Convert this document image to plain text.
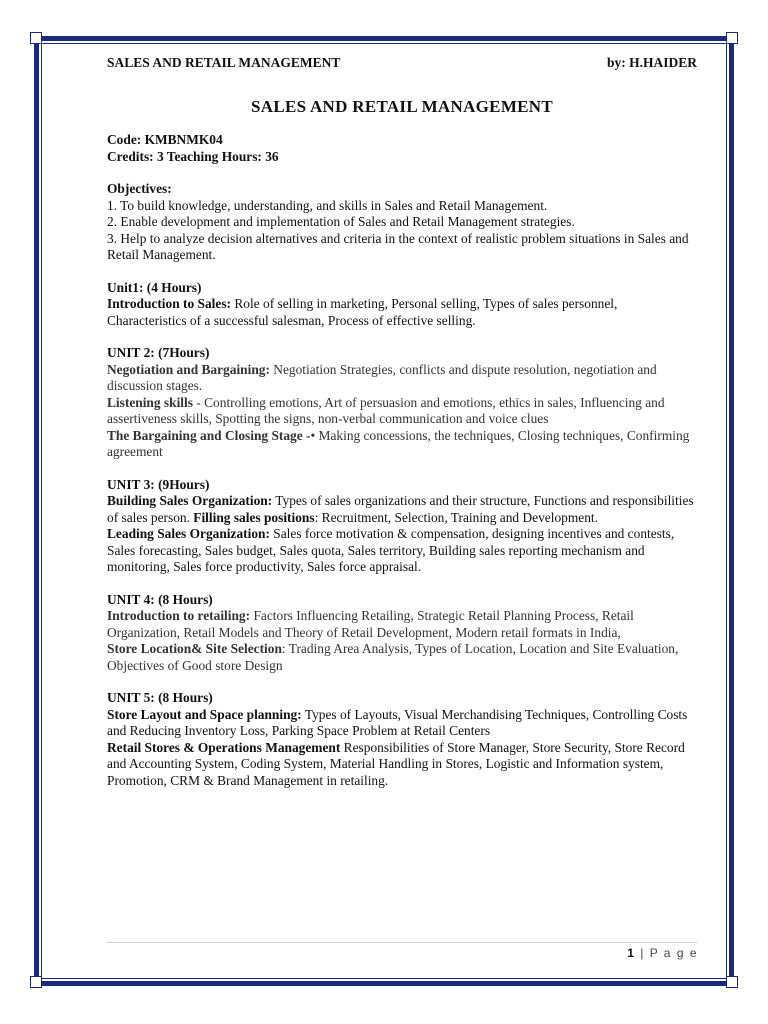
SALES AND RETAIL MANAGEMENT	by: H.HAIDER
SALES AND RETAIL MANAGEMENT

Code: KMBNMK04

Credits: 3 Teaching Hours: 36

Objectives:

1. To build knowledge, understanding, and skills in Sales and Retail Management.

2. Enable development and implementation of Sales and Retail Management strategies.

3. Help to analyze decision alternatives and criteria in the context of realistic problem situations in Sales and Retail Management.

Unit1: (4 Hours)

Introduction to Sales: Role of selling in marketing, Personal selling, Types of sales personnel, Characteristics of a successful salesman, Process of effective selling.

UNIT 2: (7Hours)

Negotiation and Bargaining: Negotiation Strategies, conflicts and dispute resolution, negotiation and discussion stages.

Listening skills - Controlling emotions, Art of persuasion and emotions, ethics in sales, Influencing and assertiveness skills, Spotting the signs, non-verbal communication and voice clues

The Bargaining and Closing Stage -• Making concessions, the techniques, Closing techniques, Confirming agreement

UNIT 3: (9Hours)

Building Sales Organization: Types of sales organizations and their structure, Functions and responsibilities of sales person. Filling sales positions: Recruitment, Selection, Training and Development.

Leading Sales Organization: Sales force motivation & compensation, designing incentives and contests, Sales forecasting, Sales budget, Sales quota, Sales territory, Building sales reporting mechanism and monitoring, Sales force productivity, Sales force appraisal.

UNIT 4: (8 Hours)

Introduction to retailing: Factors Influencing Retailing, Strategic Retail Planning Process, Retail Organization, Retail Models and Theory of Retail Development, Modern retail formats in India,

Store Location& Site Selection: Trading Area Analysis, Types of Location, Location and Site Evaluation, Objectives of Good store Design

UNIT 5: (8 Hours)

Store Layout and Space planning: Types of Layouts, Visual Merchandising Techniques, Controlling Costs and Reducing Inventory Loss, Parking Space Problem at Retail Centers

Retail Stores & Operations Management Responsibilities of Store Manager, Store Security, Store Record and Accounting System, Coding System, Material Handling in Stores, Logistic and Information system, Promotion, CRM & Brand Management in retailing.

1 | P a g e
